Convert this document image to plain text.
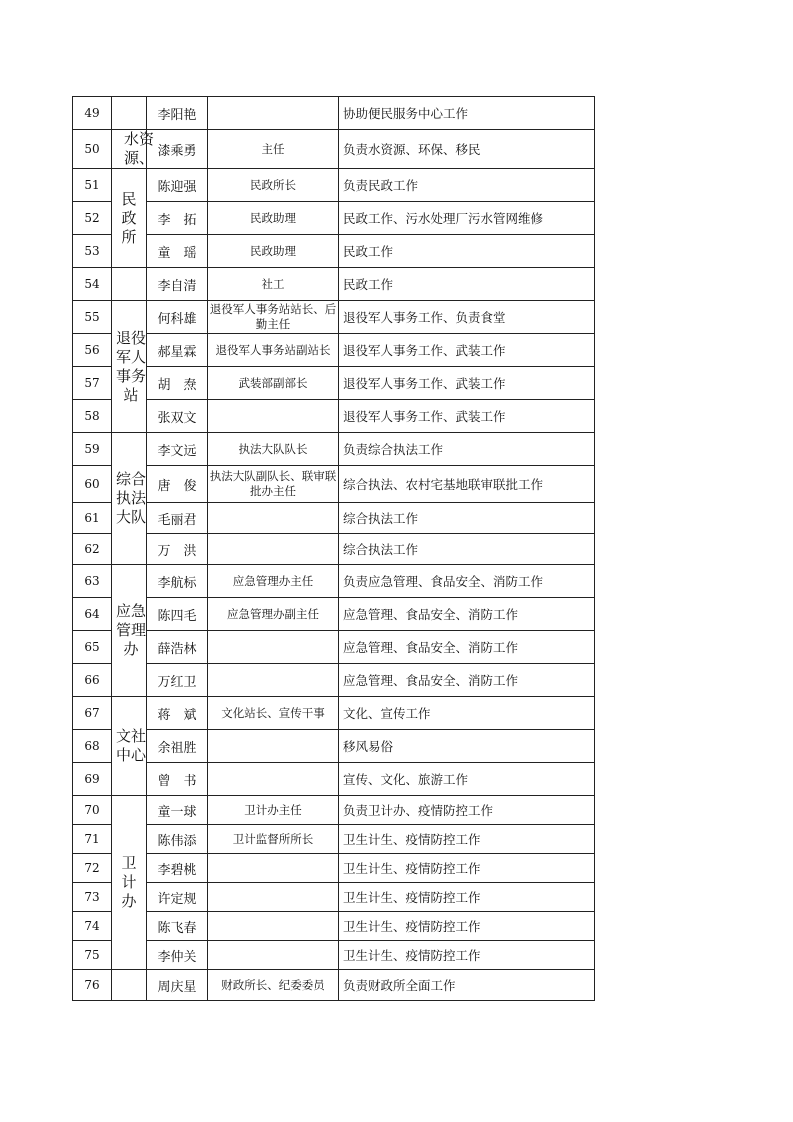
49		李阳艳		协助便民服务中心工作
50	水资源、	漆乘勇	主任	负责水资源、环保、移民
51	民政所	陈迎强	民政所长	负责民政工作
52		李　拓	民政助理	民政工作、污水处理厂污水管网维修
53		童　瑶	民政助理	民政工作
54		李自清	社工	民政工作
55	退役军人事务站	何科雄	退役军人事务站站长、后勤主任	退役军人事务工作、负责食堂
56		郝星霖	退役军人事务站副站长	退役军人事务工作、武装工作
57		胡　焘	武装部副部长	退役军人事务工作、武装工作
58		张双文		退役军人事务工作、武装工作
59	综合执法大队	李文远	执法大队队长	负责综合执法工作
60		唐　俊	执法大队副队长、联审联批办主任	综合执法、农村宅基地联审联批工作
61		毛丽君		综合执法工作
62		万　洪		综合执法工作
63	应急管理办	李航标	应急管理办主任	负责应急管理、食品安全、消防工作
64		陈四毛	应急管理办副主任	应急管理、食品安全、消防工作
65		薛浩林		应急管理、食品安全、消防工作
66		万红卫		应急管理、食品安全、消防工作
67	文社中心	蒋　斌	文化站长、宣传干事	文化、宣传工作
68		余祖胜		移风易俗
69		曾　书		宣传、文化、旅游工作
70	卫计办	童一球	卫计办主任	负责卫计办、疫情防控工作
71		陈伟添	卫计监督所所长	卫生计生、疫情防控工作
72		李碧桃		卫生计生、疫情防控工作
73		许定规		卫生计生、疫情防控工作
74		陈飞春		卫生计生、疫情防控工作
75		李仲关		卫生计生、疫情防控工作
76		周庆星	财政所长、纪委委员	负责财政所全面工作
